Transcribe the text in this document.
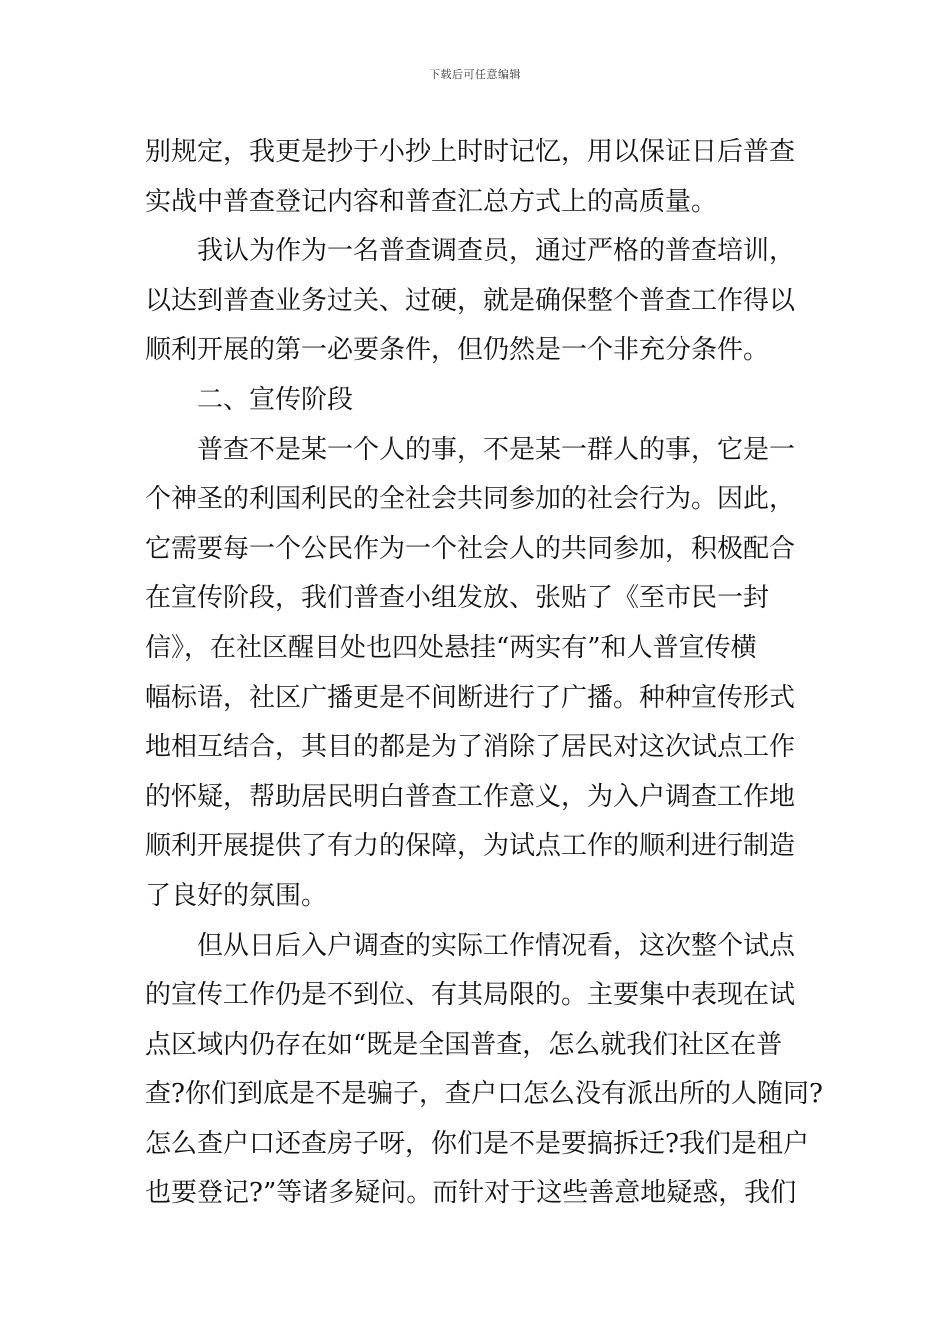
下载后可任意编辑
别规定，我更是抄于小抄上时时记忆，用以保证日后普查
实战中普查登记内容和普查汇总方式上的高质量。
　　我认为作为一名普查调查员，通过严格的普查培训，
以达到普查业务过关、过硬，就是确保整个普查工作得以
顺利开展的第一必要条件，但仍然是一个非充分条件。
　　二、宣传阶段
　　普查不是某一个人的事，不是某一群人的事，它是一
个神圣的利国利民的全社会共同参加的社会行为。因此，
它需要每一个公民作为一个社会人的共同参加，积极配合
在宣传阶段，我们普查小组发放、张贴了《至市民一封
信》，在社区醒目处也四处悬挂“两实有”和人普宣传横
幅标语，社区广播更是不间断进行了广播。种种宣传形式
地相互结合，其目的都是为了消除了居民对这次试点工作
的怀疑，帮助居民明白普查工作意义，为入户调查工作地
顺利开展提供了有力的保障，为试点工作的顺利进行制造
了良好的氛围。
　　但从日后入户调查的实际工作情况看，这次整个试点
的宣传工作仍是不到位、有其局限的。主要集中表现在试
点区域内仍存在如“既是全国普查，怎么就我们社区在普
查?你们到底是不是骗子，查户口怎么没有派出所的人随同?
怎么查户口还查房子呀，你们是不是要搞拆迁?我们是租户
也要登记?”等诸多疑问。而针对于这些善意地疑惑，我们
